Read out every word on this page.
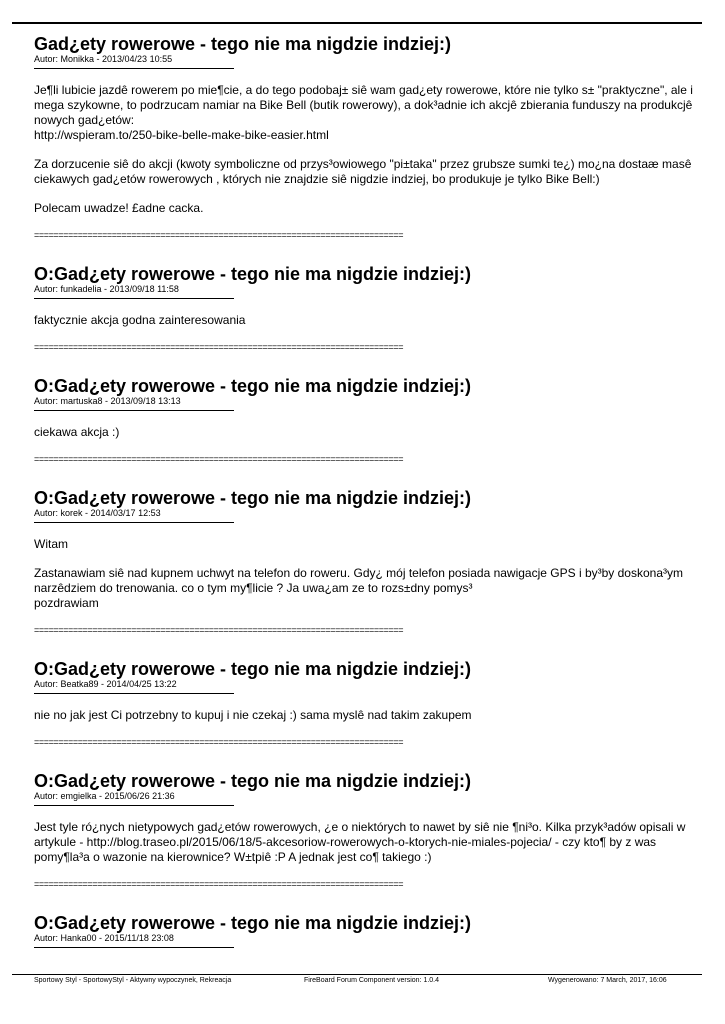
Gad¿ety rowerowe - tego nie ma nigdzie indziej:)
Autor: Monikka - 2013/04/23 10:55

Je¶li lubicie jazdê rowerem po mie¶cie, a do tego podobaj± siê wam gad¿ety rowerowe, które nie tylko s± "praktyczne", ale i mega szykowne, to podrzucam namiar na Bike Bell (butik rowerowy), a dok³adnie ich akcjê zbierania funduszy na produkcjê nowych gad¿etów:
http://wspieram.to/250-bike-belle-make-bike-easier.html

Za dorzucenie siê do akcji (kwoty symboliczne od przys³owiowego "pi±taka" przez grubsze sumki te¿) mo¿na dostaæ masê ciekawych gad¿etów rowerowych , których nie znajdzie siê nigdzie indziej, bo produkuje je tylko Bike Bell:)

Polecam uwadze! £adne cacka.

============================================================================
O:Gad¿ety rowerowe - tego nie ma nigdzie indziej:)
Autor: funkadelia - 2013/09/18 11:58

faktycznie akcja godna zainteresowania

============================================================================
O:Gad¿ety rowerowe - tego nie ma nigdzie indziej:)
Autor: martuska8 - 2013/09/18 13:13

ciekawa akcja :)

============================================================================
O:Gad¿ety rowerowe - tego nie ma nigdzie indziej:)
Autor: korek - 2014/03/17 12:53

Witam

Zastanawiam siê nad kupnem uchwyt na telefon do roweru. Gdy¿ mój telefon posiada nawigacje GPS i by³by doskona³ym narzêdziem do trenowania. co o tym my¶licie ? Ja uwa¿am ze to rozs±dny pomys³
pozdrawiam

============================================================================
O:Gad¿ety rowerowe - tego nie ma nigdzie indziej:)
Autor: Beatka89 - 2014/04/25 13:22

nie no jak jest Ci potrzebny to kupuj i nie czekaj :) sama myslê nad takim zakupem

============================================================================
O:Gad¿ety rowerowe - tego nie ma nigdzie indziej:)
Autor: emgielka - 2015/06/26 21:36

Jest tyle ró¿nych nietypowych gad¿etów rowerowych, ¿e o niektórych to nawet by siê nie ¶ni³o. Kilka przyk³adów opisali w artykule - http://blog.traseo.pl/2015/06/18/5-akcesoriow-rowerowych-o-ktorych-nie-miales-pojecia/ - czy kto¶ by z was pomy¶la³a o wazonie na kierownice? W±tpiê :P A jednak jest co¶ takiego :)

============================================================================
O:Gad¿ety rowerowe - tego nie ma nigdzie indziej:)
Autor: Hanka00 - 2015/11/18 23:08
Sportowy Styl - SportowyStyl - Aktywny wypoczynek, Rekreacja	FireBoard Forum Component version: 1.0.4	Wygenerowano: 7 March, 2017, 16:06
